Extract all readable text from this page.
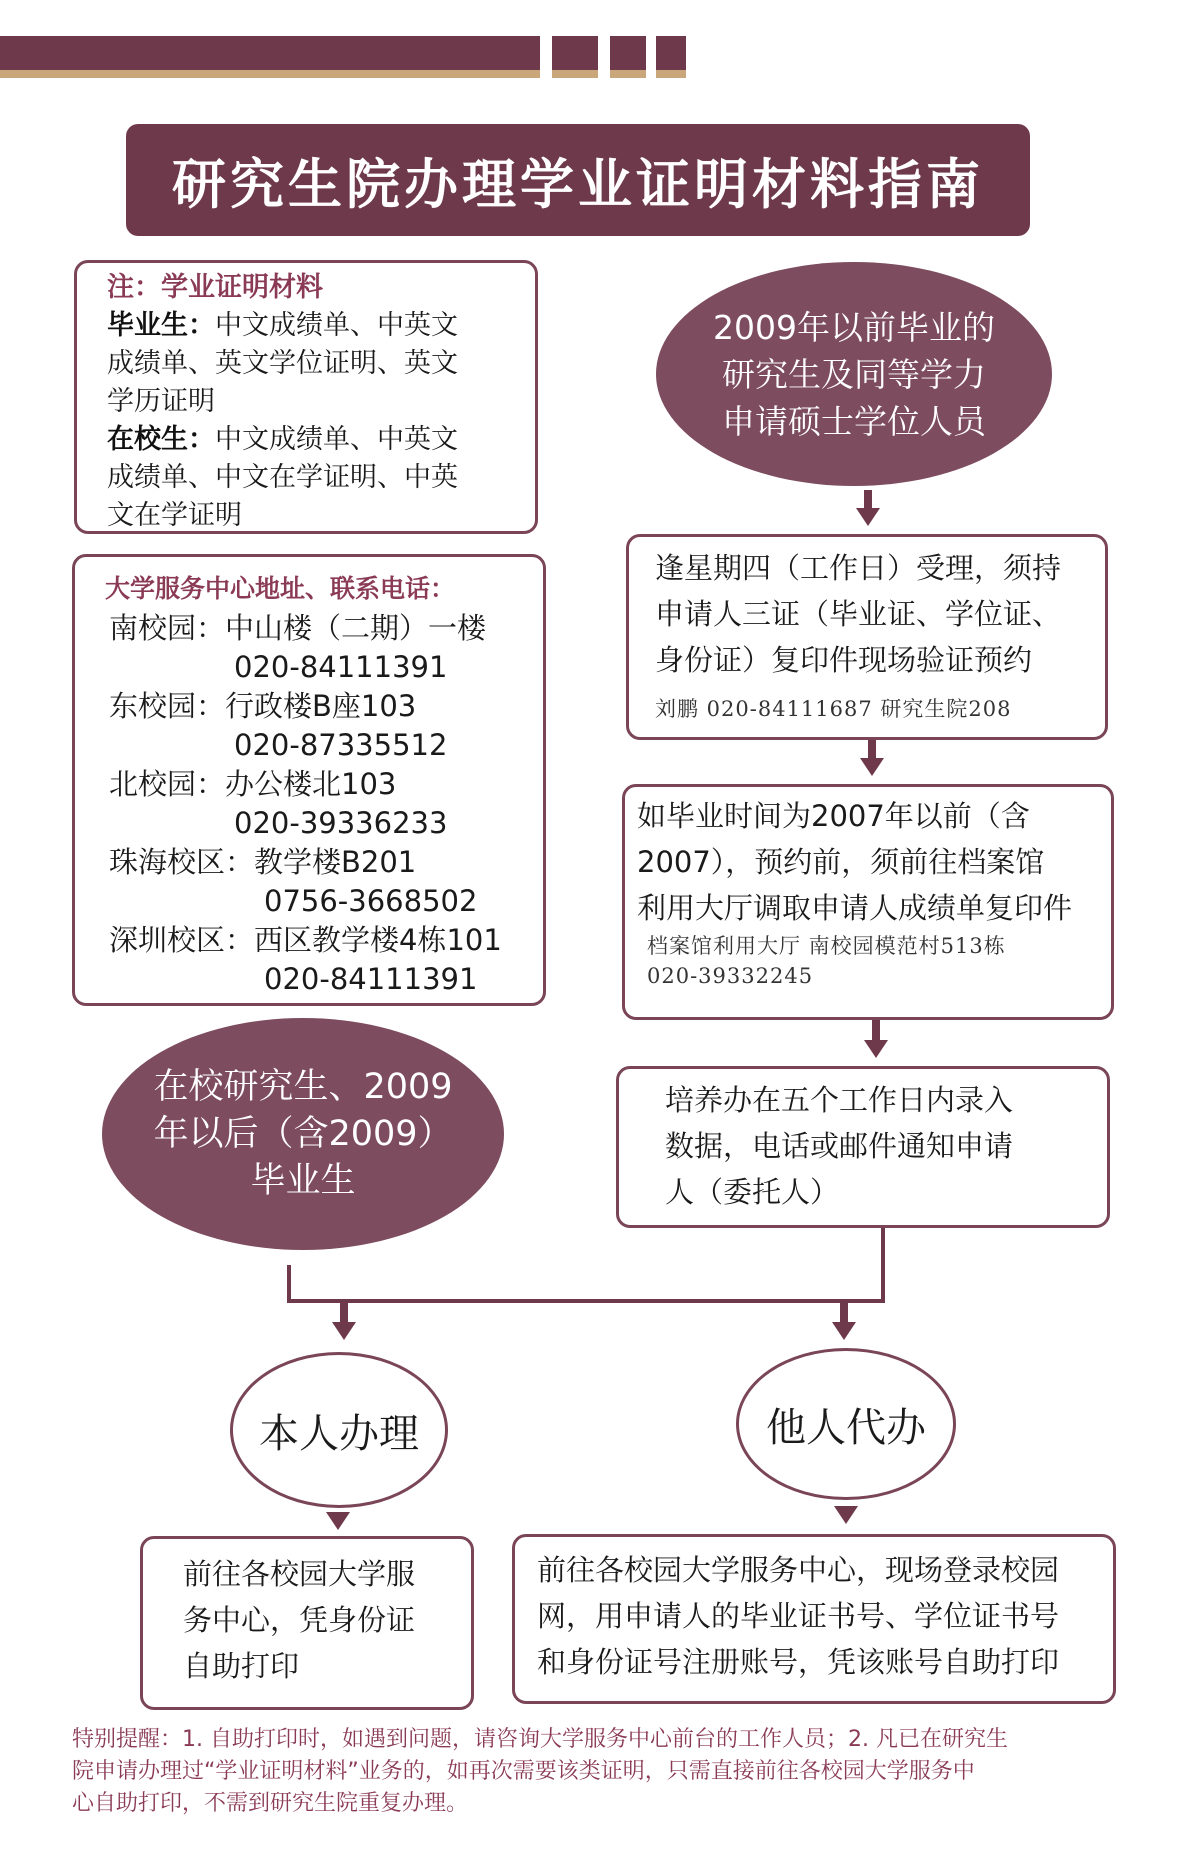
研究生院办理学业证明材料指南
注：学业证明材料
毕业生：中文成绩单、中英文
成绩单、英文学位证明、英文
学历证明
在校生：中文成绩单、中英文
成绩单、中文在学证明、中英
文在学证明
大学服务中心地址、联系电话：
南校园：中山楼（二期）一楼
020-84111391
东校园：行政楼B座103
020-87335512
北校园：办公楼北103
020-39336233
珠海校区：教学楼B201
0756-3668502
深圳校区：西区教学楼4栋101
020-84111391
2009年以前毕业的
研究生及同等学力
申请硕士学位人员
逢星期四（工作日）受理，须持
申请人三证（毕业证、学位证、
身份证）复印件现场验证预约
刘鹏 020-84111687 研究生院208
如毕业时间为2007年以前（含
2007），预约前，须前往档案馆
利用大厅调取申请人成绩单复印件
档案馆利用大厅 南校园模范村513栋
020-39332245
培养办在五个工作日内录入
数据，电话或邮件通知申请
人（委托人）
在校研究生、2009
年以后（含2009）
毕业生
本人办理	他人代办
前往各校园大学服
务中心，凭身份证
自助打印
前往各校园大学服务中心，现场登录校园
网，用申请人的毕业证书号、学位证书号
和身份证号注册账号，凭该账号自助打印
特别提醒：1. 自助打印时，如遇到问题，请咨询大学服务中心前台的工作人员；2. 凡已在研究生
院申请办理过“学业证明材料”业务的，如再次需要该类证明，只需直接前往各校园大学服务中
心自助打印，不需到研究生院重复办理。
